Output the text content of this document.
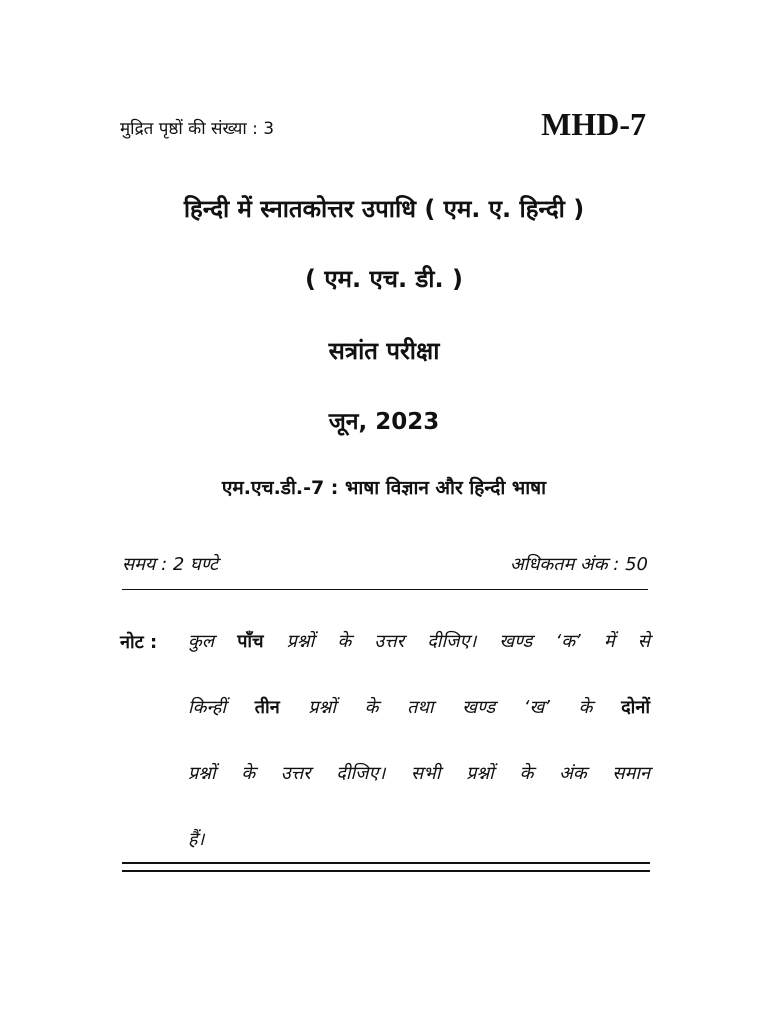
मुद्रित पृष्ठों की संख्या : 3	MHD-7
हिन्दी में स्नातकोत्तर उपाधि ( एम. ए. हिन्दी )
( एम. एच. डी. )
सत्रांत परीक्षा
जून, 2023
एम.एच.डी.-7 : भाषा विज्ञान और हिन्दी भाषा
समय : 2 घण्टे	अधिकतम अंक : 50
नोट : कुल पाँच प्रश्नों के उत्तर दीजिए। खण्ड ‘क’ में से
किन्हीं तीन प्रश्नों के तथा खण्ड ‘ख’ के दोनों
प्रश्नों के उत्तर दीजिए। सभी प्रश्नों के अंक समान
हैं।
